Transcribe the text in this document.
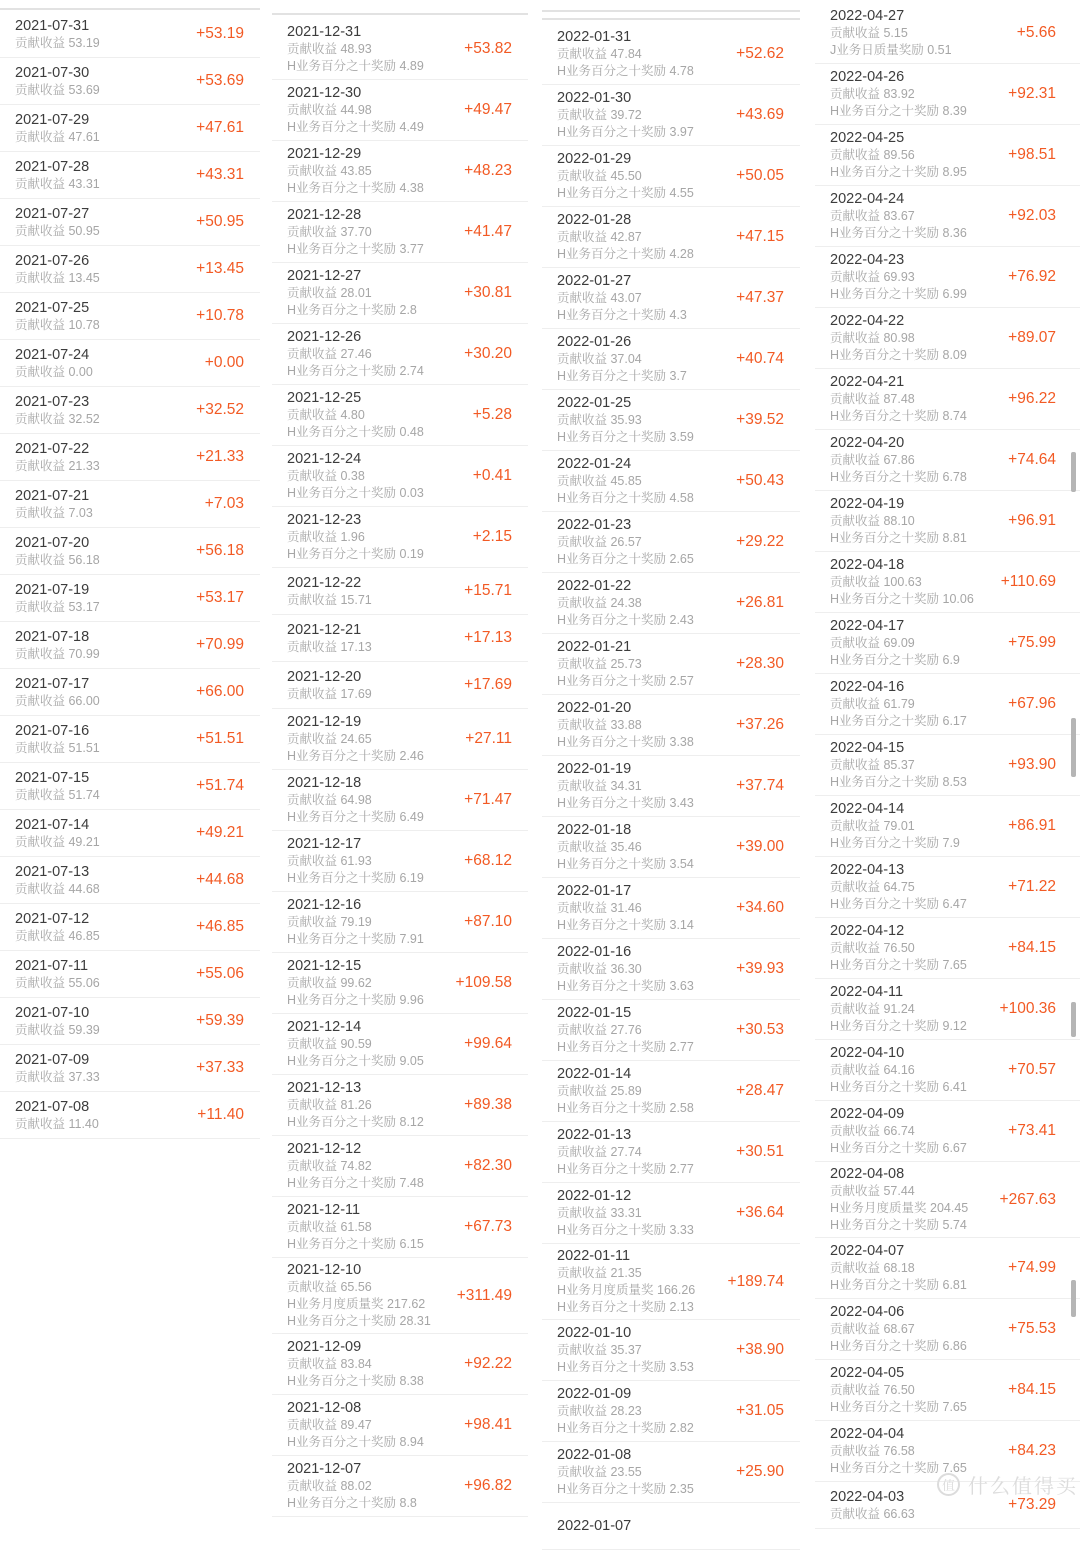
2021-07-31
贡献收益 53.19
+53.19
2021-07-30
贡献收益 53.69
+53.69
2021-07-29
贡献收益 47.61
+47.61
2021-07-28
贡献收益 43.31
+43.31
2021-07-27
贡献收益 50.95
+50.95
2021-07-26
贡献收益 13.45
+13.45
2021-07-25
贡献收益 10.78
+10.78
2021-07-24
贡献收益 0.00
+0.00
2021-07-23
贡献收益 32.52
+32.52
2021-07-22
贡献收益 21.33
+21.33
2021-07-21
贡献收益 7.03
+7.03
2021-07-20
贡献收益 56.18
+56.18
2021-07-19
贡献收益 53.17
+53.17
2021-07-18
贡献收益 70.99
+70.99
2021-07-17
贡献收益 66.00
+66.00
2021-07-16
贡献收益 51.51
+51.51
2021-07-15
贡献收益 51.74
+51.74
2021-07-14
贡献收益 49.21
+49.21
2021-07-13
贡献收益 44.68
+44.68
2021-07-12
贡献收益 46.85
+46.85
2021-07-11
贡献收益 55.06
+55.06
2021-07-10
贡献收益 59.39
+59.39
2021-07-09
贡献收益 37.33
+37.33
2021-07-08
贡献收益 11.40
+11.40
2021-12-31
贡献收益 48.93
H业务百分之十奖励 4.89
+53.82
2021-12-30
贡献收益 44.98
H业务百分之十奖励 4.49
+49.47
2021-12-29
贡献收益 43.85
H业务百分之十奖励 4.38
+48.23
2021-12-28
贡献收益 37.70
H业务百分之十奖励 3.77
+41.47
2021-12-27
贡献收益 28.01
H业务百分之十奖励 2.8
+30.81
2021-12-26
贡献收益 27.46
H业务百分之十奖励 2.74
+30.20
2021-12-25
贡献收益 4.80
H业务百分之十奖励 0.48
+5.28
2021-12-24
贡献收益 0.38
H业务百分之十奖励 0.03
+0.41
2021-12-23
贡献收益 1.96
H业务百分之十奖励 0.19
+2.15
2021-12-22
贡献收益 15.71
+15.71
2021-12-21
贡献收益 17.13
+17.13
2021-12-20
贡献收益 17.69
+17.69
2021-12-19
贡献收益 24.65
H业务百分之十奖励 2.46
+27.11
2021-12-18
贡献收益 64.98
H业务百分之十奖励 6.49
+71.47
2021-12-17
贡献收益 61.93
H业务百分之十奖励 6.19
+68.12
2021-12-16
贡献收益 79.19
H业务百分之十奖励 7.91
+87.10
2021-12-15
贡献收益 99.62
H业务百分之十奖励 9.96
+109.58
2021-12-14
贡献收益 90.59
H业务百分之十奖励 9.05
+99.64
2021-12-13
贡献收益 81.26
H业务百分之十奖励 8.12
+89.38
2021-12-12
贡献收益 74.82
H业务百分之十奖励 7.48
+82.30
2021-12-11
贡献收益 61.58
H业务百分之十奖励 6.15
+67.73
2021-12-10
贡献收益 65.56
H业务月度质量奖 217.62
H业务百分之十奖励 28.31
+311.49
2021-12-09
贡献收益 83.84
H业务百分之十奖励 8.38
+92.22
2021-12-08
贡献收益 89.47
H业务百分之十奖励 8.94
+98.41
2021-12-07
贡献收益 88.02
H业务百分之十奖励 8.8
+96.82
2022-01-31
贡献收益 47.84
H业务百分之十奖励 4.78
+52.62
2022-01-30
贡献收益 39.72
H业务百分之十奖励 3.97
+43.69
2022-01-29
贡献收益 45.50
H业务百分之十奖励 4.55
+50.05
2022-01-28
贡献收益 42.87
H业务百分之十奖励 4.28
+47.15
2022-01-27
贡献收益 43.07
H业务百分之十奖励 4.3
+47.37
2022-01-26
贡献收益 37.04
H业务百分之十奖励 3.7
+40.74
2022-01-25
贡献收益 35.93
H业务百分之十奖励 3.59
+39.52
2022-01-24
贡献收益 45.85
H业务百分之十奖励 4.58
+50.43
2022-01-23
贡献收益 26.57
H业务百分之十奖励 2.65
+29.22
2022-01-22
贡献收益 24.38
H业务百分之十奖励 2.43
+26.81
2022-01-21
贡献收益 25.73
H业务百分之十奖励 2.57
+28.30
2022-01-20
贡献收益 33.88
H业务百分之十奖励 3.38
+37.26
2022-01-19
贡献收益 34.31
H业务百分之十奖励 3.43
+37.74
2022-01-18
贡献收益 35.46
H业务百分之十奖励 3.54
+39.00
2022-01-17
贡献收益 31.46
H业务百分之十奖励 3.14
+34.60
2022-01-16
贡献收益 36.30
H业务百分之十奖励 3.63
+39.93
2022-01-15
贡献收益 27.76
H业务百分之十奖励 2.77
+30.53
2022-01-14
贡献收益 25.89
H业务百分之十奖励 2.58
+28.47
2022-01-13
贡献收益 27.74
H业务百分之十奖励 2.77
+30.51
2022-01-12
贡献收益 33.31
H业务百分之十奖励 3.33
+36.64
2022-01-11
贡献收益 21.35
H业务月度质量奖 166.26
H业务百分之十奖励 2.13
+189.74
2022-01-10
贡献收益 35.37
H业务百分之十奖励 3.53
+38.90
2022-01-09
贡献收益 28.23
H业务百分之十奖励 2.82
+31.05
2022-01-08
贡献收益 23.55
H业务百分之十奖励 2.35
+25.90
2022-01-07
2022-04-27
贡献收益 5.15
J业务日质量奖励 0.51
+5.66
2022-04-26
贡献收益 83.92
H业务百分之十奖励 8.39
+92.31
2022-04-25
贡献收益 89.56
H业务百分之十奖励 8.95
+98.51
2022-04-24
贡献收益 83.67
H业务百分之十奖励 8.36
+92.03
2022-04-23
贡献收益 69.93
H业务百分之十奖励 6.99
+76.92
2022-04-22
贡献收益 80.98
H业务百分之十奖励 8.09
+89.07
2022-04-21
贡献收益 87.48
H业务百分之十奖励 8.74
+96.22
2022-04-20
贡献收益 67.86
H业务百分之十奖励 6.78
+74.64
2022-04-19
贡献收益 88.10
H业务百分之十奖励 8.81
+96.91
2022-04-18
贡献收益 100.63
H业务百分之十奖励 10.06
+110.69
2022-04-17
贡献收益 69.09
H业务百分之十奖励 6.9
+75.99
2022-04-16
贡献收益 61.79
H业务百分之十奖励 6.17
+67.96
2022-04-15
贡献收益 85.37
H业务百分之十奖励 8.53
+93.90
2022-04-14
贡献收益 79.01
H业务百分之十奖励 7.9
+86.91
2022-04-13
贡献收益 64.75
H业务百分之十奖励 6.47
+71.22
2022-04-12
贡献收益 76.50
H业务百分之十奖励 7.65
+84.15
2022-04-11
贡献收益 91.24
H业务百分之十奖励 9.12
+100.36
2022-04-10
贡献收益 64.16
H业务百分之十奖励 6.41
+70.57
2022-04-09
贡献收益 66.74
H业务百分之十奖励 6.67
+73.41
2022-04-08
贡献收益 57.44
H业务月度质量奖 204.45
H业务百分之十奖励 5.74
+267.63
2022-04-07
贡献收益 68.18
H业务百分之十奖励 6.81
+74.99
2022-04-06
贡献收益 68.67
H业务百分之十奖励 6.86
+75.53
2022-04-05
贡献收益 76.50
H业务百分之十奖励 7.65
+84.15
2022-04-04
贡献收益 76.58
H业务百分之十奖励 7.65
+84.23
2022-04-03
贡献收益 66.63
+73.29
值 什么值得买
